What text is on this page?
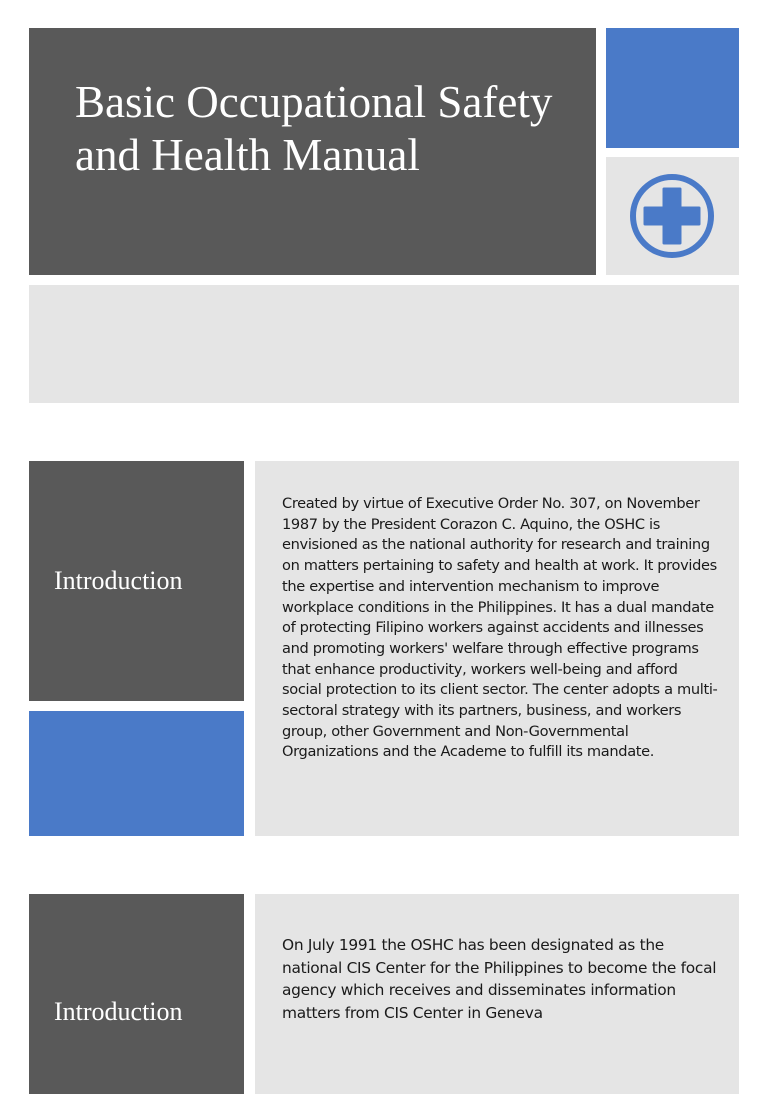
Basic Occupational Safety and Health Manual
Introduction

Created by virtue of Executive Order No. 307, on November 1987 by the President Corazon C. Aquino, the OSHC is envisioned as the national authority for research and training on matters pertaining to safety and health at work. It provides the expertise and intervention mechanism to improve workplace conditions in the Philippines. It has a dual mandate of protecting Filipino workers against accidents and illnesses and promoting workers' welfare through effective programs that enhance productivity, workers well-being and afford social protection to its client sector. The center adopts a multi-sectoral strategy with its partners, business, and workers group, other Government and Non-Governmental Organizations and the Academe to fulfill its mandate.

Introduction

On July 1991 the OSHC has been designated as the national CIS Center for the Philippines to become the focal agency which receives and disseminates information matters from CIS Center in Geneva
